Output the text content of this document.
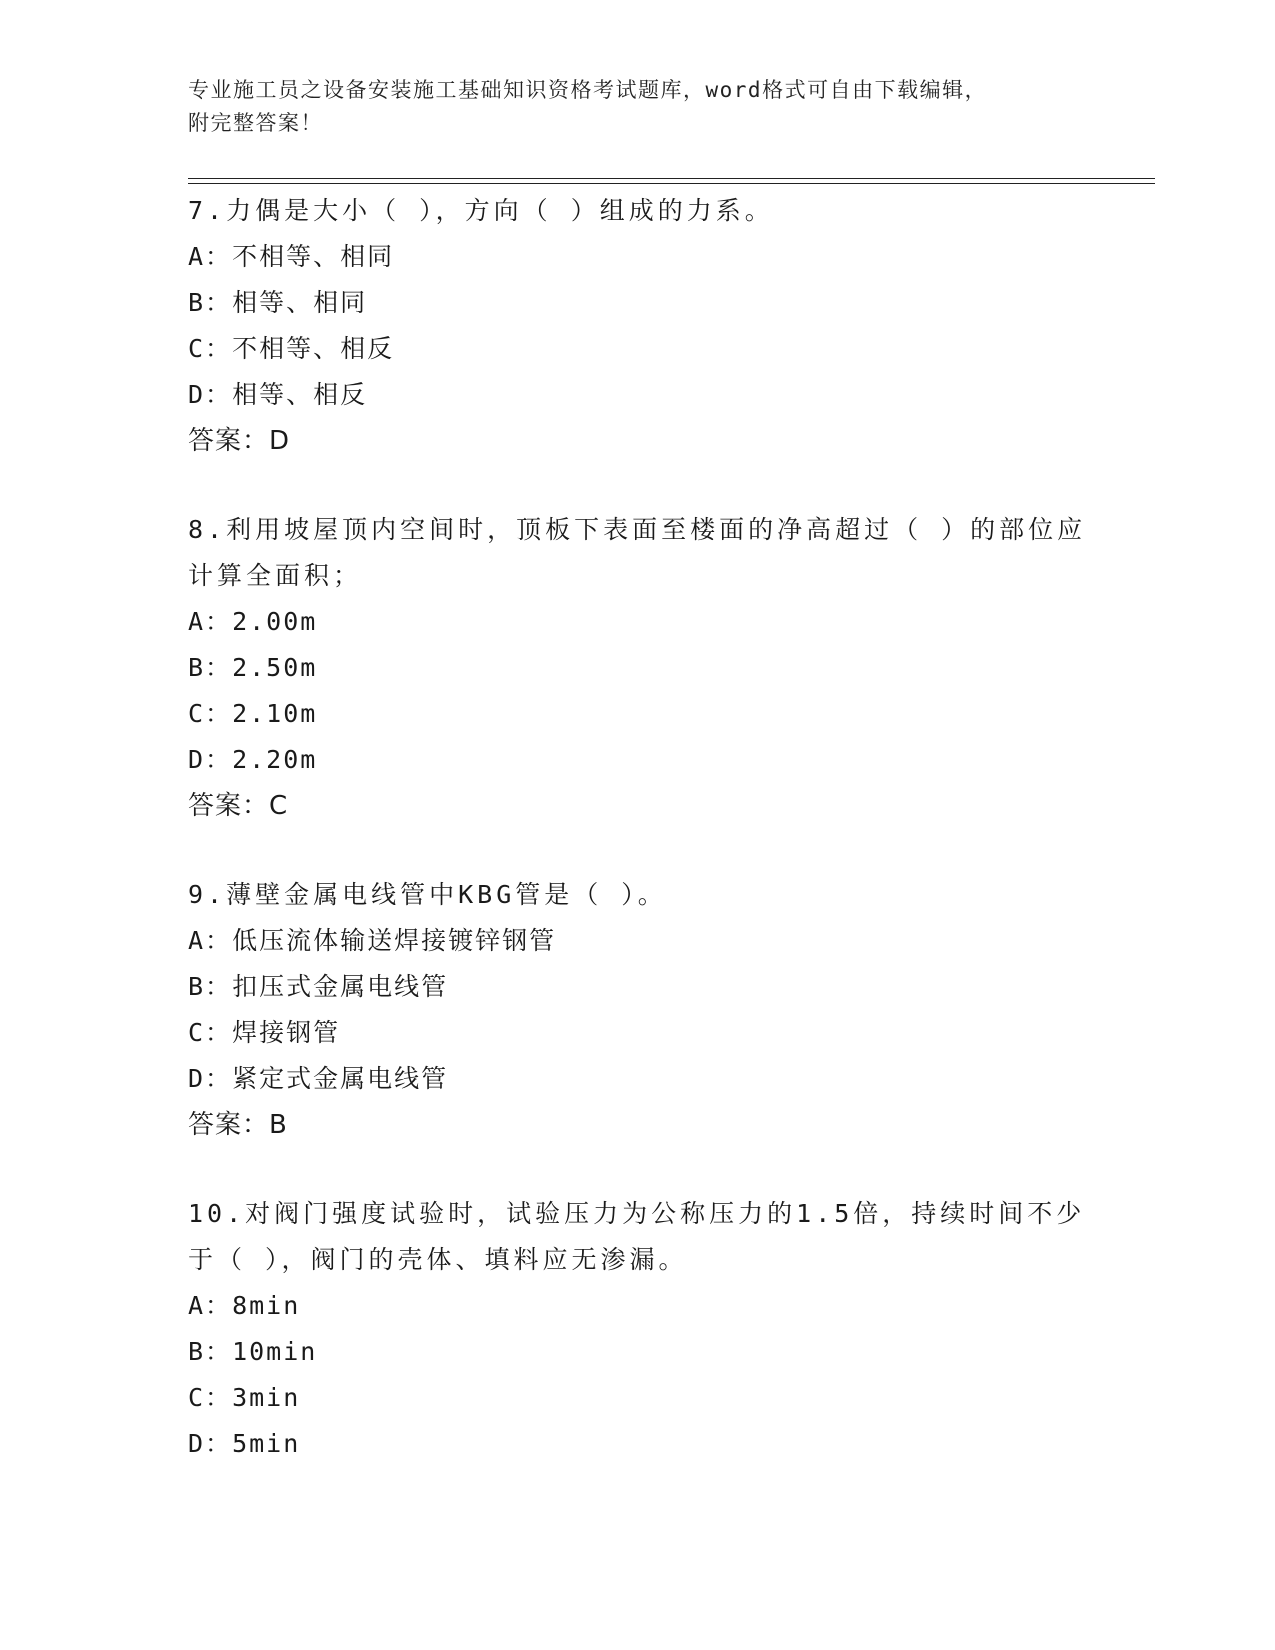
专业施工员之设备安装施工基础知识资格考试题库，word格式可自由下载编辑，
附完整答案！
7.力偶是大小（ ），方向（ ）组成的力系。
A：不相等、相同
B：相等、相同
C：不相等、相反
D：相等、相反
答案：D
8.利用坡屋顶内空间时，顶板下表面至楼面的净高超过（ ）的部位应
计算全面积；
A：2.00m
B：2.50m
C：2.10m
D：2.20m
答案：C
9.薄壁金属电线管中KBG管是（ ）。
A：低压流体输送焊接镀锌钢管
B：扣压式金属电线管
C：焊接钢管
D：紧定式金属电线管
答案：B
10.对阀门强度试验时，试验压力为公称压力的1.5倍，持续时间不少
于（ ），阀门的壳体、填料应无渗漏。
A：8min
B：10min
C：3min
D：5min
